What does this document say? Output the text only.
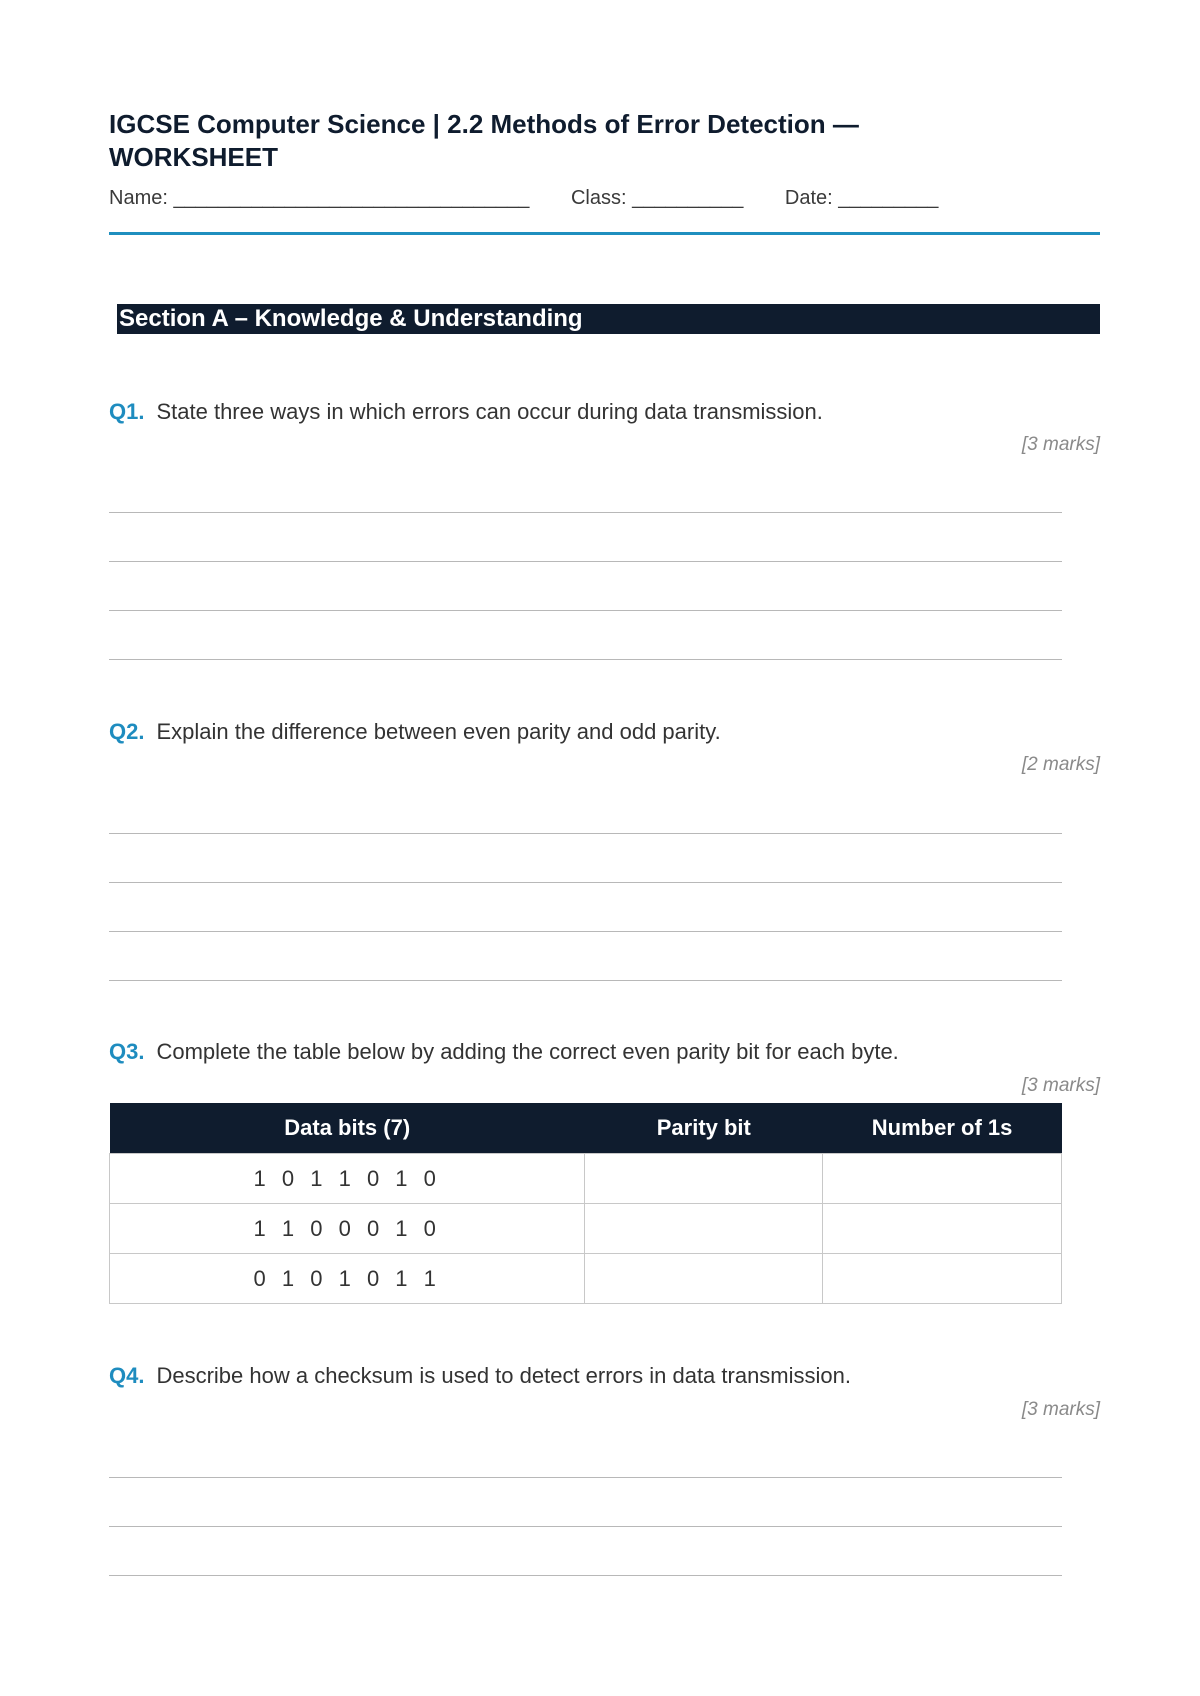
IGCSE Computer Science | 2.2 Methods of Error Detection — WORKSHEET
Name: ________________________________ Class: __________ Date: _________
Section A – Knowledge & Understanding
Q1. State three ways in which errors can occur during data transmission.
[3 marks]
Q2. Explain the difference between even parity and odd parity.
[2 marks]
Q3. Complete the table below by adding the correct even parity bit for each byte.
[3 marks]
Data bits (7)	Parity bit	Number of 1s
1 0 1 1 0 1 0		
1 1 0 0 0 1 0		
0 1 0 1 0 1 1		
Q4. Describe how a checksum is used to detect errors in data transmission.
[3 marks]
